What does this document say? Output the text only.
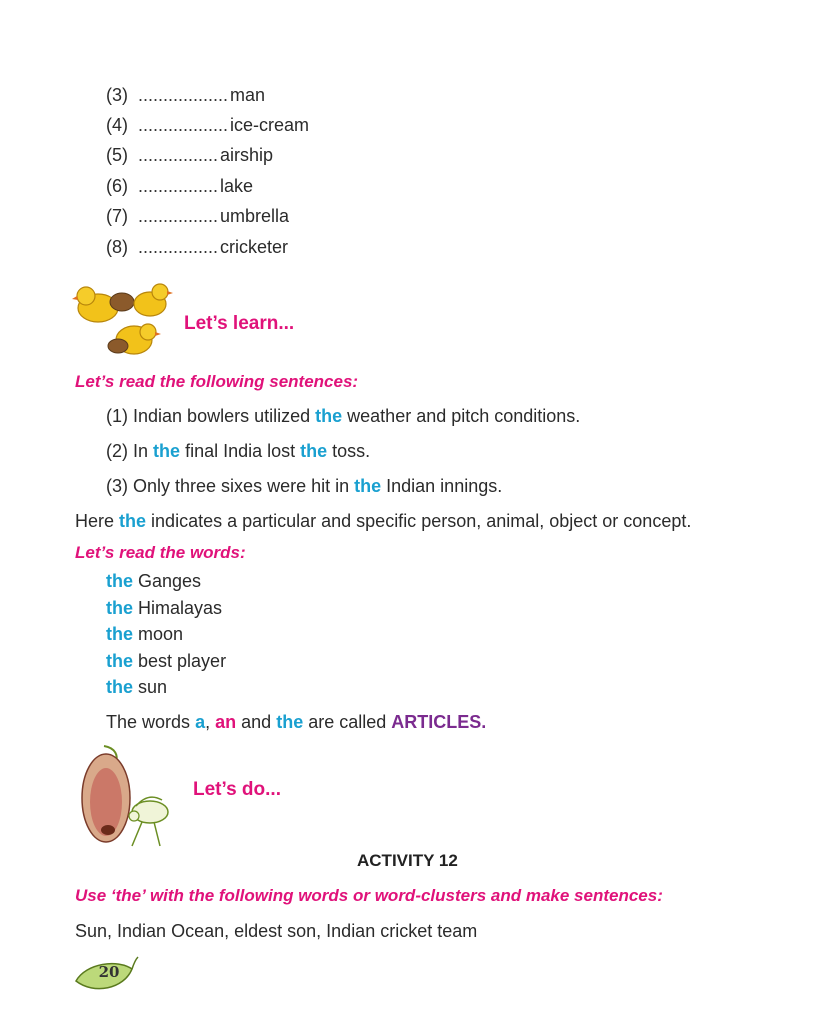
(3) .................. man
(4) .................. ice-cream
(5) ................ airship
(6) ................ lake
(7) ................ umbrella
(8) ................ cricketer
Let’s learn...
Let’s read the following sentences:
(1) Indian bowlers utilized the weather and pitch conditions.
(2) In the final India lost the toss.
(3) Only three sixes were hit in the Indian innings.
Here the indicates a particular and specific person, animal, object or concept.
Let’s read the words:
the Ganges
the Himalayas
the moon
the best player
the sun
The words a, an and the are called ARTICLES.
Let’s do...
ACTIVITY 12
Use ‘the’ with the following words or word-clusters and make sentences:
Sun, Indian Ocean, eldest son, Indian cricket team
20
